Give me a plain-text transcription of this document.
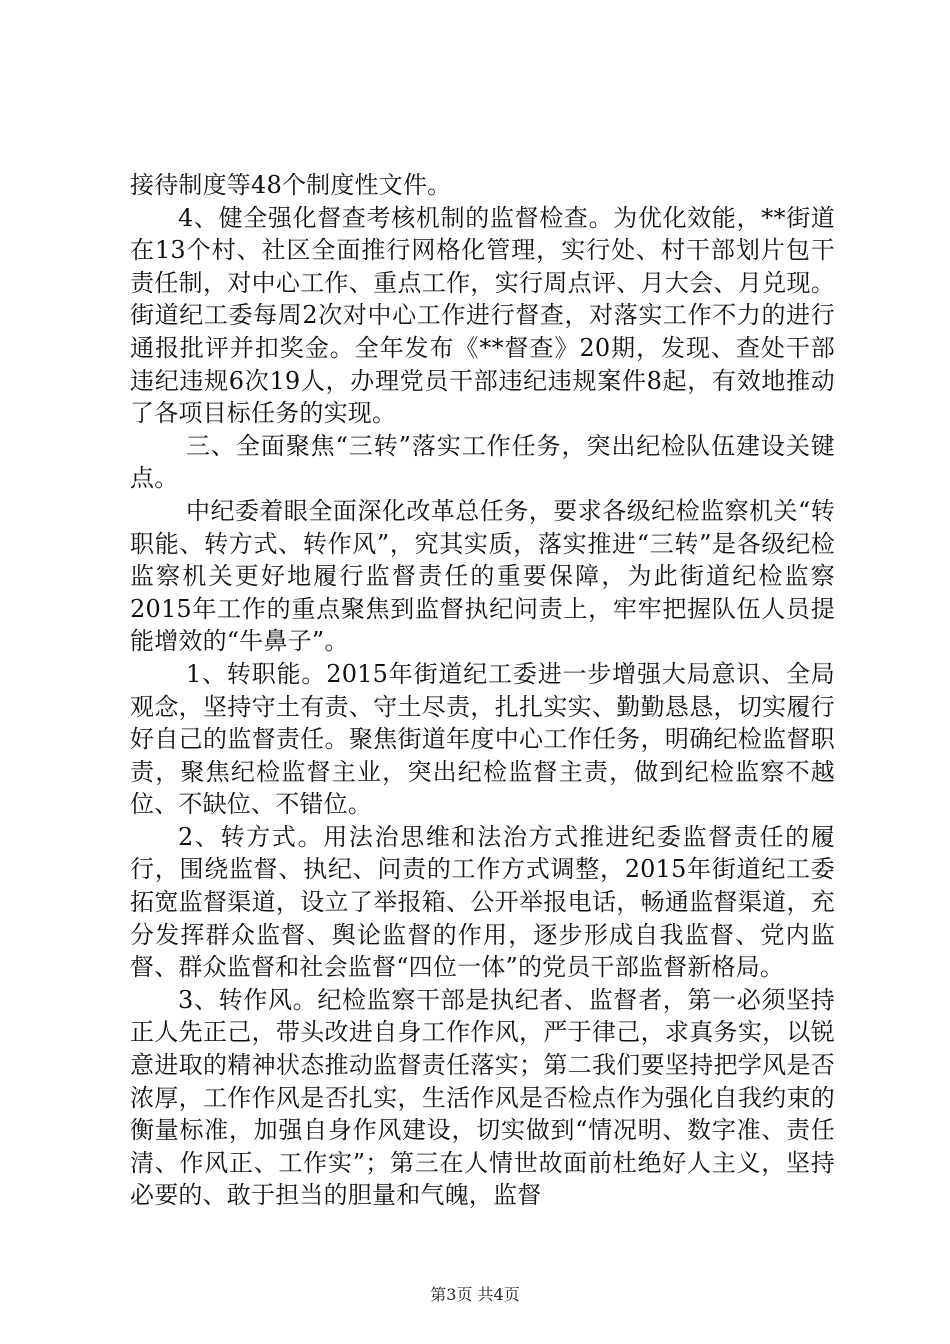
接待制度等48个制度性文件。

4、健全强化督查考核机制的监督检查。为优化效能，**街道在13个村、社区全面推行网格化管理，实行处、村干部划片包干责任制，对中心工作、重点工作，实行周点评、月大会、月兑现。街道纪工委每周2次对中心工作进行督查，对落实工作不力的进行通报批评并扣奖金。全年发布《**督查》20期，发现、查处干部违纪违规6次19人，办理党员干部违纪违规案件8起，有效地推动了各项目标任务的实现。

三、全面聚焦“三转”落实工作任务，突出纪检队伍建设关键点。

中纪委着眼全面深化改革总任务，要求各级纪检监察机关“转职能、转方式、转作风”，究其实质，落实推进“三转”是各级纪检监察机关更好地履行监督责任的重要保障，为此街道纪检监察2015年工作的重点聚焦到监督执纪问责上，牢牢把握队伍人员提能增效的“牛鼻子”。

1、转职能。2015年街道纪工委进一步增强大局意识、全局观念，坚持守土有责、守土尽责，扎扎实实、勤勤恳恳，切实履行好自己的监督责任。聚焦街道年度中心工作任务，明确纪检监督职责，聚焦纪检监督主业，突出纪检监督主责，做到纪检监察不越位、不缺位、不错位。

2、转方式。用法治思维和法治方式推进纪委监督责任的履行，围绕监督、执纪、问责的工作方式调整，2015年街道纪工委拓宽监督渠道，设立了举报箱、公开举报电话，畅通监督渠道，充分发挥群众监督、舆论监督的作用，逐步形成自我监督、党内监督、群众监督和社会监督“四位一体”的党员干部监督新格局。

3、转作风。纪检监察干部是执纪者、监督者，第一必须坚持正人先正己，带头改进自身工作作风，严于律己，求真务实，以锐意进取的精神状态推动监督责任落实；第二我们要坚持把学风是否浓厚，工作作风是否扎实，生活作风是否检点作为强化自我约束的衡量标准，加强自身作风建设，切实做到“情况明、数字准、责任清、作风正、工作实”；第三在人情世故面前杜绝好人主义，坚持必要的、敢于担当的胆量和气魄，监督

第3页 共4页
